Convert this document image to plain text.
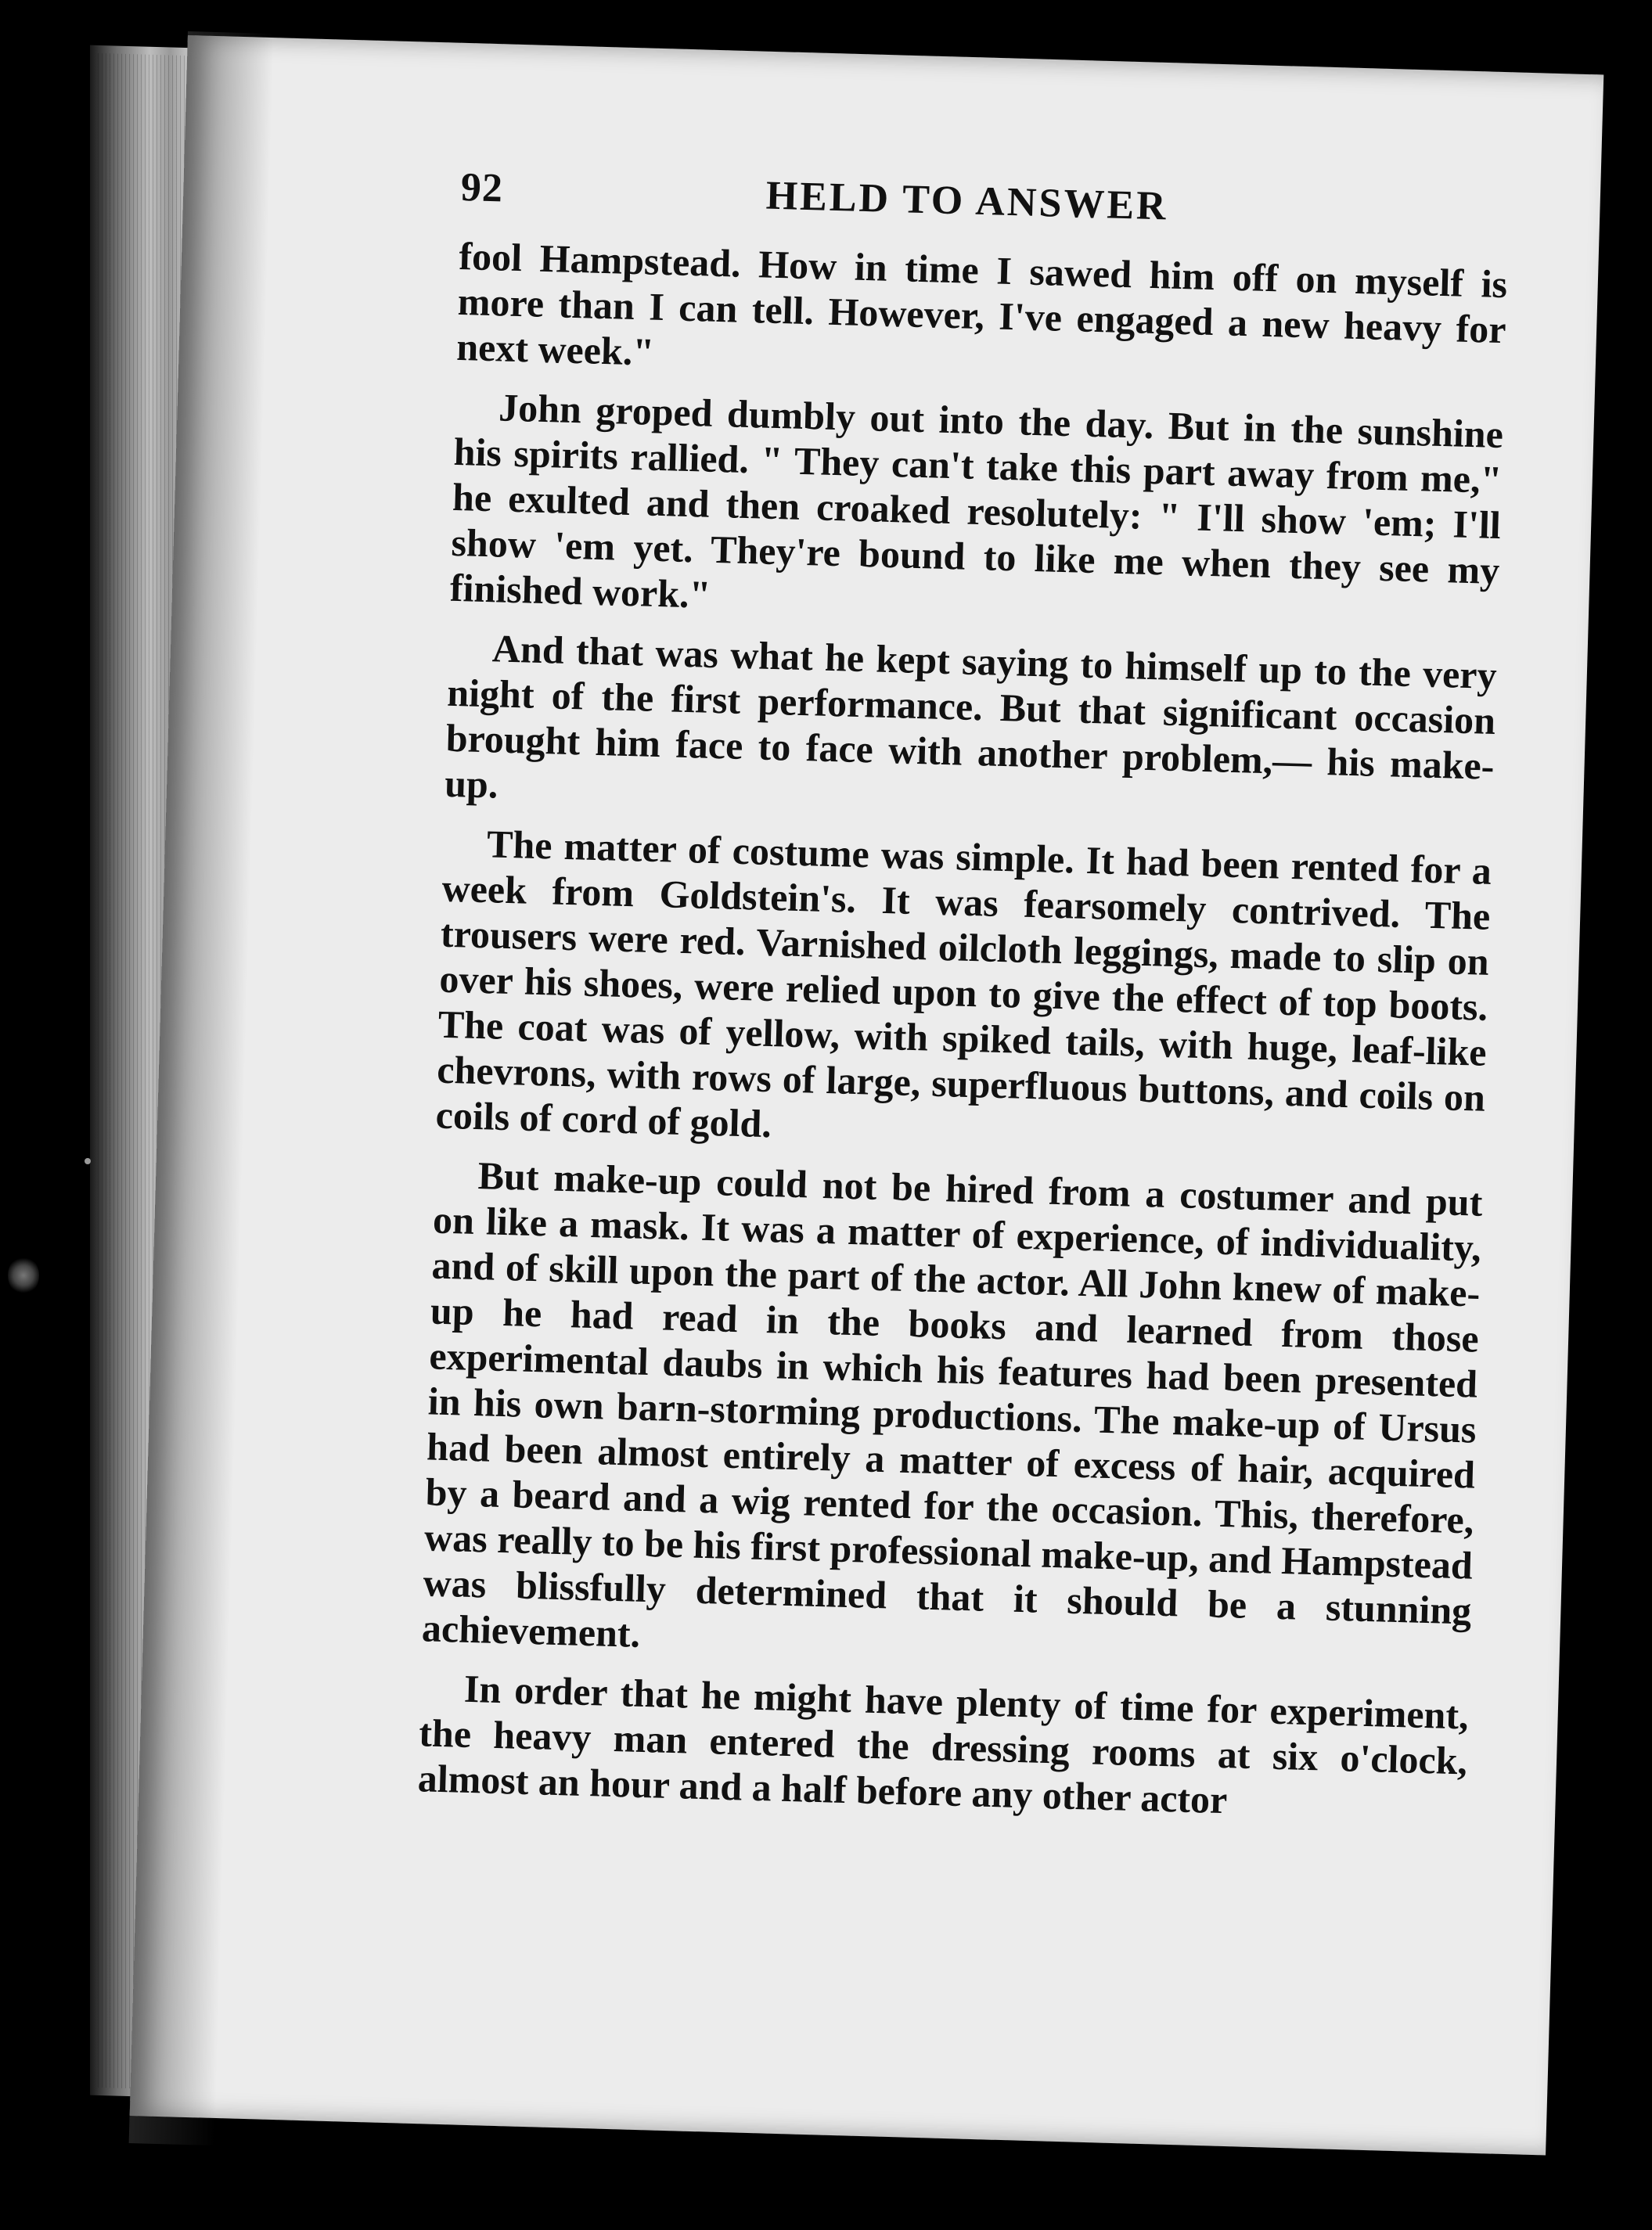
92	HELD TO ANSWER

fool Hampstead. How in time I sawed him off on myself is more than I can tell. However, I've engaged a new heavy for next week."

John groped dumbly out into the day. But in the sunshine his spirits rallied. " They can't take this part away from me," he exulted and then croaked resolutely: " I'll show 'em; I'll show 'em yet. They're bound to like me when they see my finished work."

And that was what he kept saying to himself up to the very night of the first performance. But that significant occasion brought him face to face with another problem,— his make-up.

The matter of costume was simple. It had been rented for a week from Goldstein's. It was fearsomely contrived. The trousers were red. Varnished oilcloth leggings, made to slip on over his shoes, were relied upon to give the effect of top boots. The coat was of yellow, with spiked tails, with huge, leaf-like chevrons, with rows of large, superfluous buttons, and coils on coils of cord of gold.

But make-up could not be hired from a costumer and put on like a mask. It was a matter of experience, of individuality, and of skill upon the part of the actor. All John knew of make-up he had read in the books and learned from those experimental daubs in which his features had been presented in his own barn-storming productions. The make-up of Ursus had been almost entirely a matter of excess of hair, acquired by a beard and a wig rented for the occasion. This, therefore, was really to be his first professional make-up, and Hampstead was blissfully determined that it should be a stunning achievement.

In order that he might have plenty of time for experiment, the heavy man entered the dressing rooms at six o'clock, almost an hour and a half before any other actor
